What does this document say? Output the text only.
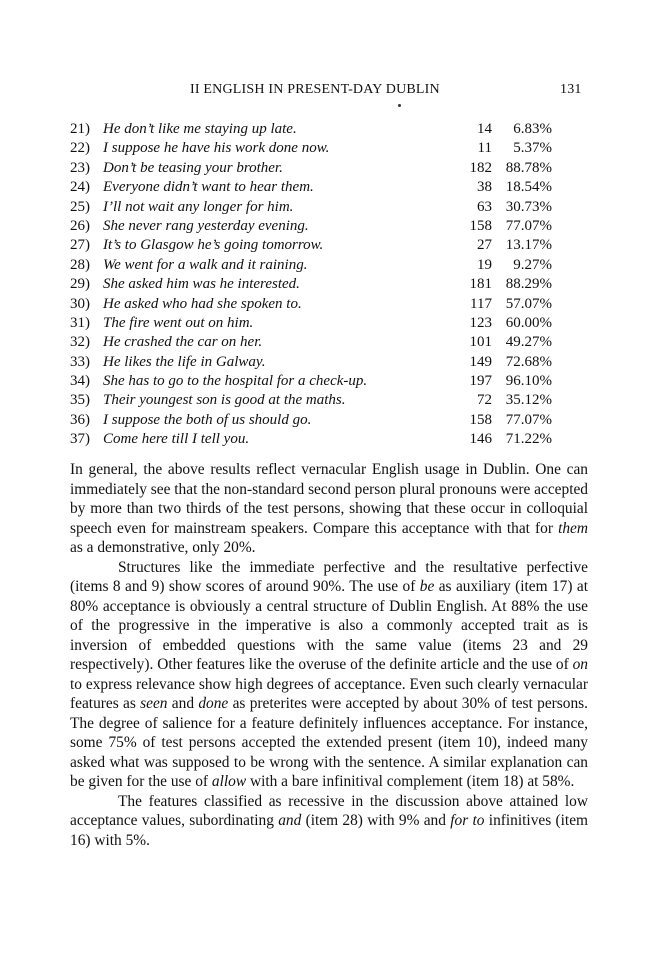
II ENGLISH IN PRESENT-DAY DUBLIN	131
21) He don’t like me staying up late.	14	6.83%
22) I suppose he have his work done now.	11	5.37%
23) Don’t be teasing your brother.	182 88.78%
24) Everyone didn’t want to hear them.	38 18.54%
25) I’ll not wait any longer for him.	63 30.73%
26) She never rang yesterday evening.	158 77.07%
27) It’s to Glasgow he’s going tomorrow.	27 13.17%
28) We went for a walk and it raining.	19	9.27%
29) She asked him was he interested.	181 88.29%
30) He asked who had she spoken to.	117 57.07%
31) The fire went out on him.	123 60.00%
32) He crashed the car on her.	101 49.27%
33) He likes the life in Galway.	149 72.68%
34) She has to go to the hospital for a check-up.	197 96.10%
35) Their youngest son is good at the maths.	72 35.12%
36) I suppose the both of us should go.	158 77.07%
37) Come here till I tell you.	146 71.22%

In general, the above results reflect vernacular English usage in Dublin. One can immediately see that the non-standard second person plural pronouns were accepted by more than two thirds of the test persons, showing that these occur in colloquial speech even for mainstream speakers. Compare this acceptance with that for them as a demonstrative, only 20%.

Structures like the immediate perfective and the resultative perfective (items 8 and 9) show scores of around 90%. The use of be as auxiliary (item 17) at 80% acceptance is obviously a central structure of Dublin English. At 88% the use of the progressive in the imperative is also a commonly accepted trait as is inversion of embedded questions with the same value (items 23 and 29 respectively). Other features like the overuse of the definite article and the use of on to express relevance show high degrees of acceptance. Even such clearly vernacular features as seen and done as preterites were accepted by about 30% of test persons. The degree of salience for a feature definitely influences acceptance. For instance, some 75% of test persons accepted the extended present (item 10), indeed many asked what was supposed to be wrong with the sentence. A similar explanation can be given for the use of allow with a bare infinitival complement (item 18) at 58%.

The features classified as recessive in the discussion above attained low acceptance values, subordinating and (item 28) with 9% and for to infinitives (item 16) with 5%.
